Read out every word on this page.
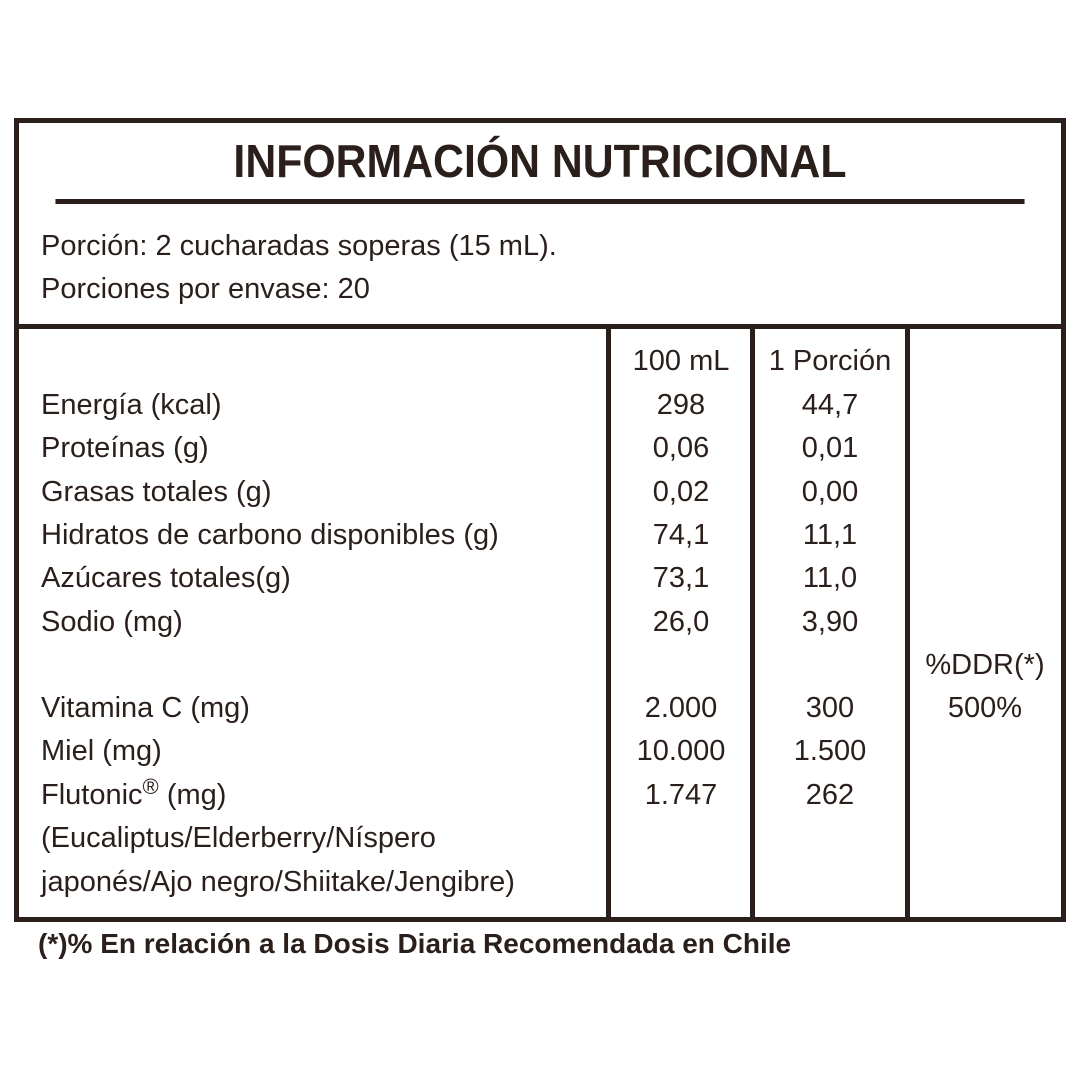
INFORMACIÓN NUTRICIONAL
Porción: 2 cucharadas soperas (15 mL).
Porciones por envase: 20
100 mL	1 Porción
Energía (kcal)	298	44,7
Proteínas (g)	0,06	0,01
Grasas totales (g)	0,02	0,00
Hidratos de carbono disponibles (g)	74,1	11,1
Azúcares totales(g)	73,1	11,0
Sodio (mg)	26,0	3,90
%DDR(*)
Vitamina C (mg)	2.000	300	500%
Miel (mg)	10.000	1.500
Flutonic® (mg)	1.747	262
(Eucaliptus/Elderberry/Níspero
japonés/Ajo negro/Shiitake/Jengibre)
(*)% En relación a la Dosis Diaria Recomendada en Chile
